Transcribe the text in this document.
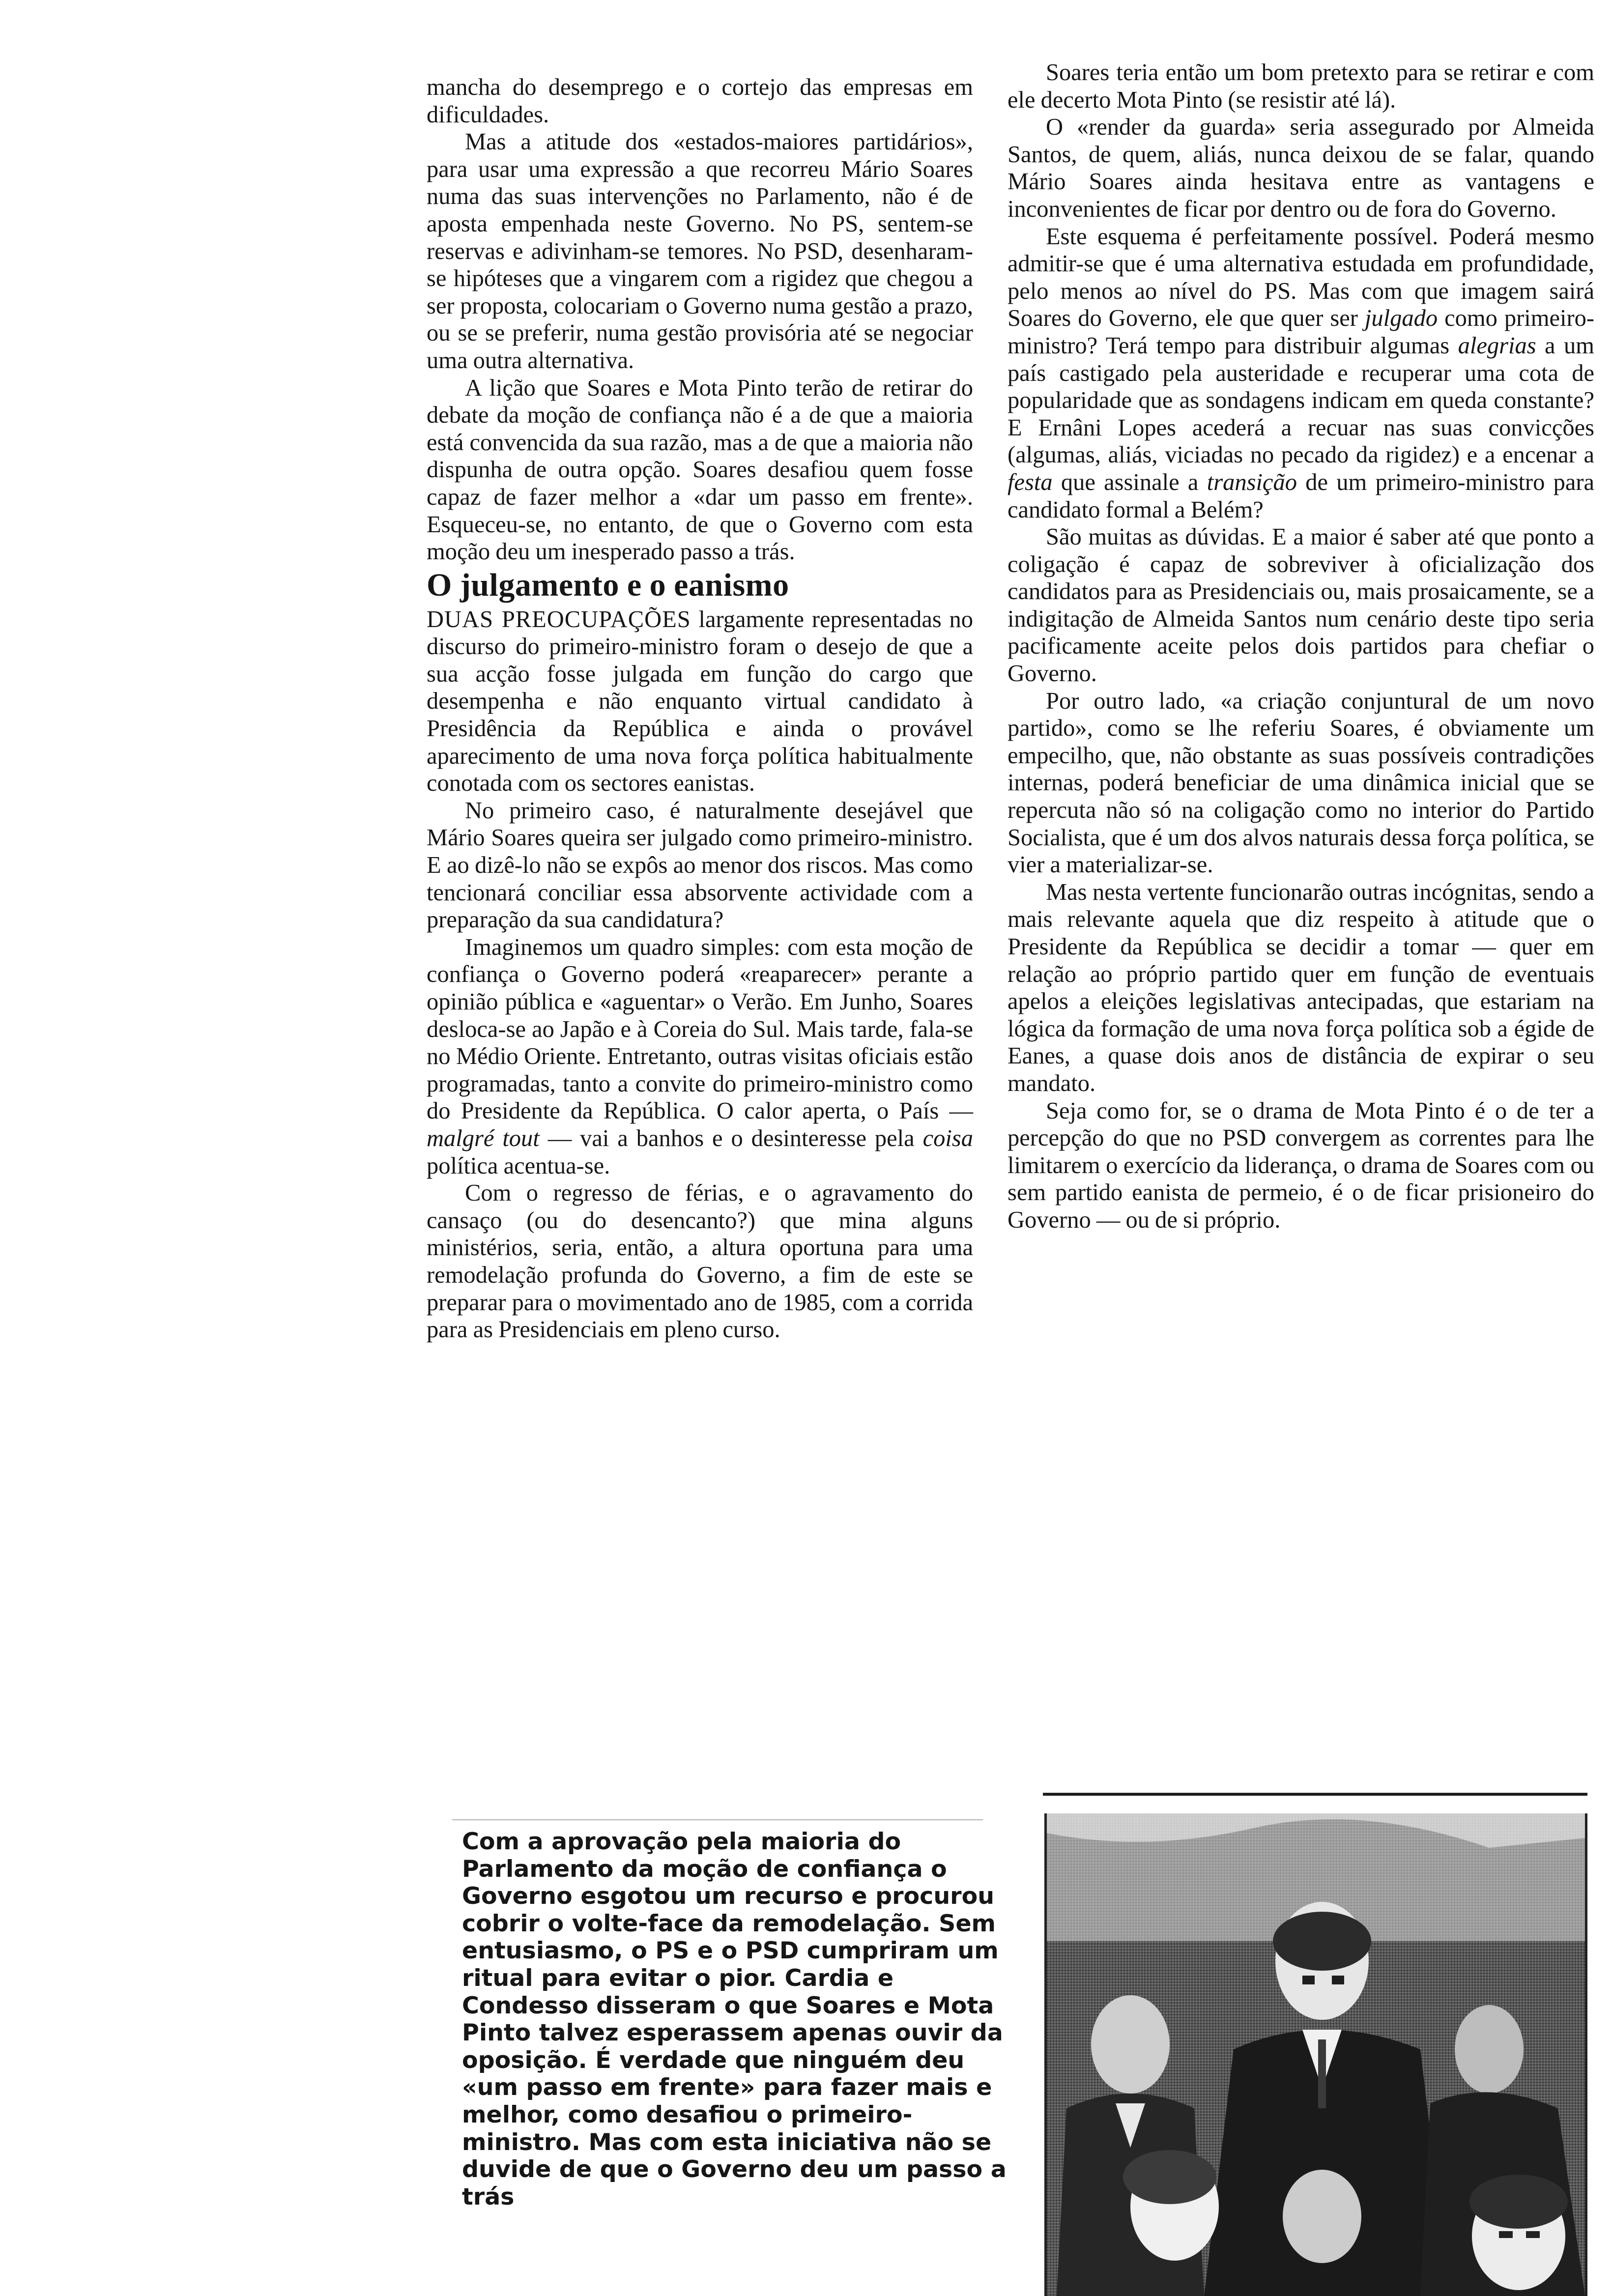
mancha do desemprego e o cortejo das empresas em dificuldades.

Mas a atitude dos «estados-maiores partidários», para usar uma expressão a que recorreu Mário Soares numa das suas intervenções no Parlamento, não é de aposta empenhada neste Governo. No PS, sentem-se reservas e adivinham-se temores. No PSD, desenharam-se hipóteses que a vingarem com a rigidez que chegou a ser proposta, colocariam o Governo numa gestão a prazo, ou se se preferir, numa gestão provisória até se negociar uma outra alternativa.

A lição que Soares e Mota Pinto terão de retirar do debate da moção de confiança não é a de que a maioria está convencida da sua razão, mas a de que a maioria não dispunha de outra opção. Soares desafiou quem fosse capaz de fazer melhor a «dar um passo em frente». Esqueceu-se, no entanto, de que o Governo com esta moção deu um inesperado passo a trás.

O julgamento e o eanismo

DUAS PREOCUPAÇÕES largamente representadas no discurso do primeiro-ministro foram o desejo de que a sua acção fosse julgada em função do cargo que desempenha e não enquanto virtual candidato à Presidência da República e ainda o provável aparecimento de uma nova força política habitualmente conotada com os sectores eanistas.

No primeiro caso, é naturalmente desejável que Mário Soares queira ser julgado como primeiro-ministro. E ao dizê-lo não se expôs ao menor dos riscos. Mas como tencionará conciliar essa absorvente actividade com a preparação da sua candidatura?

Imaginemos um quadro simples: com esta moção de confiança o Governo poderá «reaparecer» perante a opinião pública e «aguentar» o Verão. Em Junho, Soares desloca-se ao Japão e à Coreia do Sul. Mais tarde, fala-se no Médio Oriente. Entretanto, outras visitas oficiais estão programadas, tanto a convite do primeiro-ministro como do Presidente da República. O calor aperta, o País — malgré tout — vai a banhos e o desinteresse pela coisa política acentua-se.

Com o regresso de férias, e o agravamento do cansaço (ou do desencanto?) que mina alguns ministérios, seria, então, a altura oportuna para uma remodelação profunda do Governo, a fim de este se preparar para o movimentado ano de 1985, com a corrida para as Presidenciais em pleno curso.

Soares teria então um bom pretexto para se retirar e com ele decerto Mota Pinto (se resistir até lá).

O «render da guarda» seria assegurado por Almeida Santos, de quem, aliás, nunca deixou de se falar, quando Mário Soares ainda hesitava entre as vantagens e inconvenientes de ficar por dentro ou de fora do Governo.

Este esquema é perfeitamente possível. Poderá mesmo admitir-se que é uma alternativa estudada em profundidade, pelo menos ao nível do PS. Mas com que imagem sairá Soares do Governo, ele que quer ser julgado como primeiro-ministro? Terá tempo para distribuir algumas alegrias a um país castigado pela austeridade e recuperar uma cota de popularidade que as sondagens indicam em queda constante? E Ernâni Lopes acederá a recuar nas suas convicções (algumas, aliás, viciadas no pecado da rigidez) e a encenar a festa que assinale a transição de um primeiro-ministro para candidato formal a Belém?

São muitas as dúvidas. E a maior é saber até que ponto a coligação é capaz de sobreviver à oficialização dos candidatos para as Presidenciais ou, mais prosaicamente, se a indigitação de Almeida Santos num cenário deste tipo seria pacificamente aceite pelos dois partidos para chefiar o Governo.

Por outro lado, «a criação conjuntural de um novo partido», como se lhe referiu Soares, é obviamente um empecilho, que, não obstante as suas possíveis contradições internas, poderá beneficiar de uma dinâmica inicial que se repercuta não só na coligação como no interior do Partido Socialista, que é um dos alvos naturais dessa força política, se vier a materializar-se.

Mas nesta vertente funcionarão outras incógnitas, sendo a mais relevante aquela que diz respeito à atitude que o Presidente da República se decidir a tomar — quer em relação ao próprio partido quer em função de eventuais apelos a eleições legislativas antecipadas, que estariam na lógica da formação de uma nova força política sob a égide de Eanes, a quase dois anos de distância de expirar o seu mandato.

Seja como for, se o drama de Mota Pinto é o de ter a percepção do que no PSD convergem as correntes para lhe limitarem o exercício da liderança, o drama de Soares com ou sem partido eanista de permeio, é o de ficar prisioneiro do Governo — ou de si próprio.

Com a aprovação pela maioria do Parlamento da moção de confiança o Governo esgotou um recurso e procurou cobrir o volte-face da remodelação. Sem entusiasmo, o PS e o PSD cumpriram um ritual para evitar o pior. Cardia e Condesso disseram o que Soares e Mota Pinto talvez esperassem apenas ouvir da oposição. É verdade que ninguém deu «um passo em frente» para fazer mais e melhor, como desafiou o primeiro-ministro. Mas com esta iniciativa não se duvide de que o Governo deu um passo a trás
